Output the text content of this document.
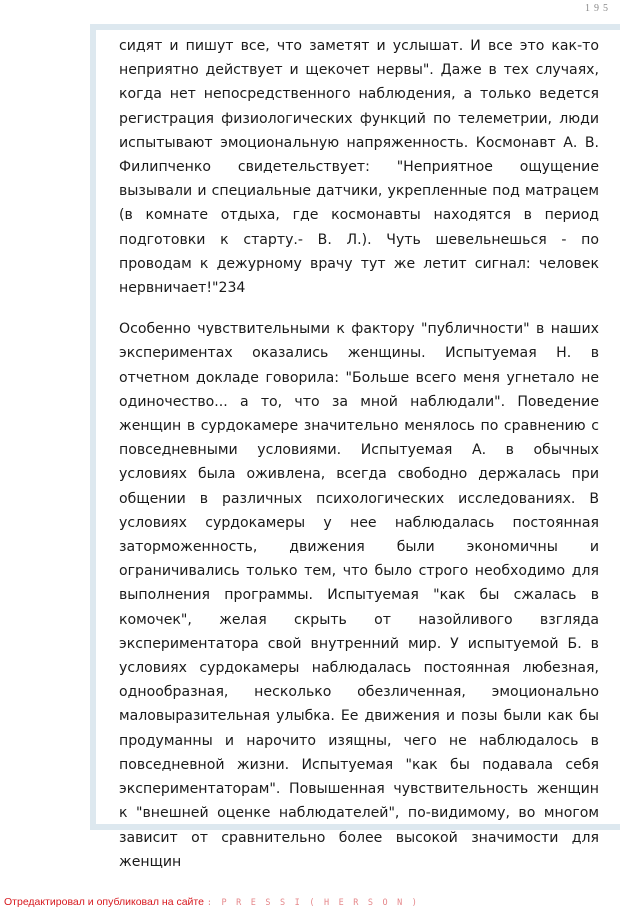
195

сидят и пишут все, что заметят и услышат. И все это как-то неприятно действует и щекочет нервы". Даже в тех случаях, когда нет непосредственного наблюдения, а только ведется регистрация физиологических функций по телеметрии, люди испытывают эмоциональную напряженность. Космонавт А. В. Филипченко свидетельствует: "Неприятное ощущение вызывали и специальные датчики, укрепленные под матрацем (в комнате отдыха, где космонавты находятся в период подготовки к старту.- В. Л.). Чуть шевельнешься - по проводам к дежурному врачу тут же летит сигнал: человек нервничает!"234

Особенно чувствительными к фактору "публичности" в наших экспериментах оказались женщины. Испытуемая Н. в отчетном докладе говорила: "Больше всего меня угнетало не одиночество... а то, что за мной наблюдали". Поведение женщин в сурдокамере значительно менялось по сравнению с повседневными условиями. Испытуемая А. в обычных условиях была оживлена, всегда свободно держалась при общении в различных психологических исследованиях. В условиях сурдокамеры у нее наблюдалась постоянная заторможенность, движения были экономичны и ограничивались только тем, что было строго необходимо для выполнения программы. Испытуемая "как бы сжалась в комочек", желая скрыть от назойливого взгляда экспериментатора свой внутренний мир. У испытуемой Б. в условиях сурдокамеры наблюдалась постоянная любезная, однообразная, несколько обезличенная, эмоционально маловыразительная улыбка. Ее движения и позы были как бы продуманны и нарочито изящны, чего не наблюдалось в повседневной жизни. Испытуемая "как бы подавала себя экспериментаторам". Повышенная чувствительность женщин к "внешней оценке наблюдателей", по-видимому, во многом зависит от сравнительно более высокой значимости для женщин

Отредактировал и опубликовал на сайте : P R E S S I ( H E R S O N )
